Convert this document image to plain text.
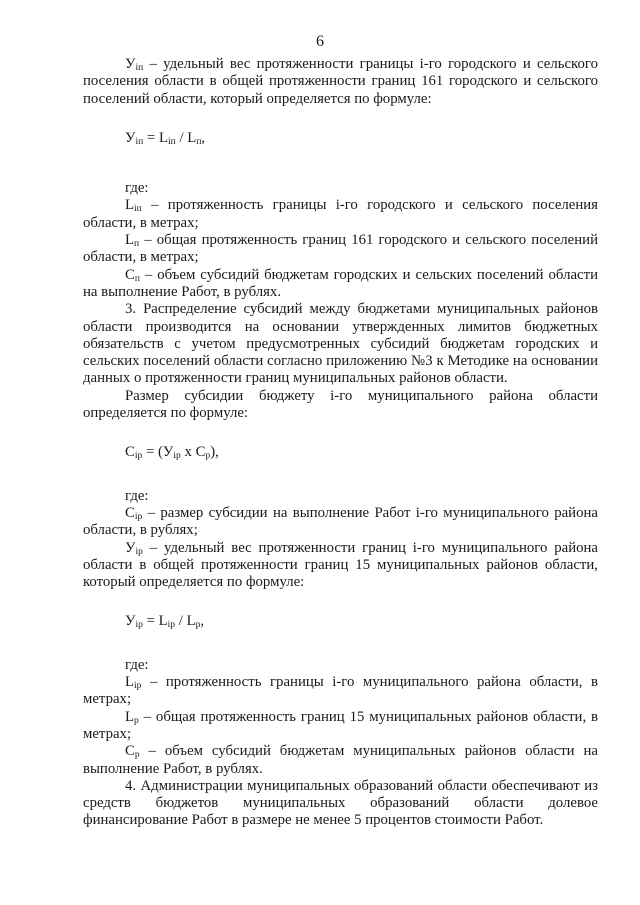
6

$У_{iп}$ – удельный вес протяженности границы i-го городского и сельского поселения области в общей протяженности границ 161 городского и сельского поселений области, который определяется по формуле:

$У_{iп} = L_{iп} / L_п$,

где:

$L_{iп}$ – протяженность границы i-го городского и сельского поселения области, в метрах;

$L_п$ – общая протяженность границ 161 городского и сельского поселений области, в метрах;

$С_п$ – объем субсидий бюджетам городских и сельских поселений области на выполнение Работ, в рублях.

3. Распределение субсидий между бюджетами муниципальных районов области производится на основании утвержденных лимитов бюджетных обязательств с учетом предусмотренных субсидий бюджетам городских и сельских поселений области согласно приложению №3 к Методике на основании данных о протяженности границ муниципальных районов области.

Размер субсидии бюджету i-го муниципального района области определяется по формуле:

$С_{ip} = (У_{ip}$ x $С_p$),

где:

$С_{ip}$ – размер субсидии на выполнение Работ i-го муниципального района области, в рублях;

$У_{ip}$ – удельный вес протяженности границ i-го муниципального района области в общей протяженности границ 15 муниципальных районов области, который определяется по формуле:

$У_{ip} = L_{ip} / L_p$,

где:

$L_{ip}$ – протяженность границы i-го муниципального района области, в метрах;

$L_p$ – общая протяженность границ 15 муниципальных районов области, в метрах;

$С_p$ – объем субсидий бюджетам муниципальных районов области на выполнение Работ, в рублях.

4. Администрации муниципальных образований области обеспечивают из средств бюджетов муниципальных образований области долевое финансирование Работ в размере не менее 5 процентов стоимости Работ.
